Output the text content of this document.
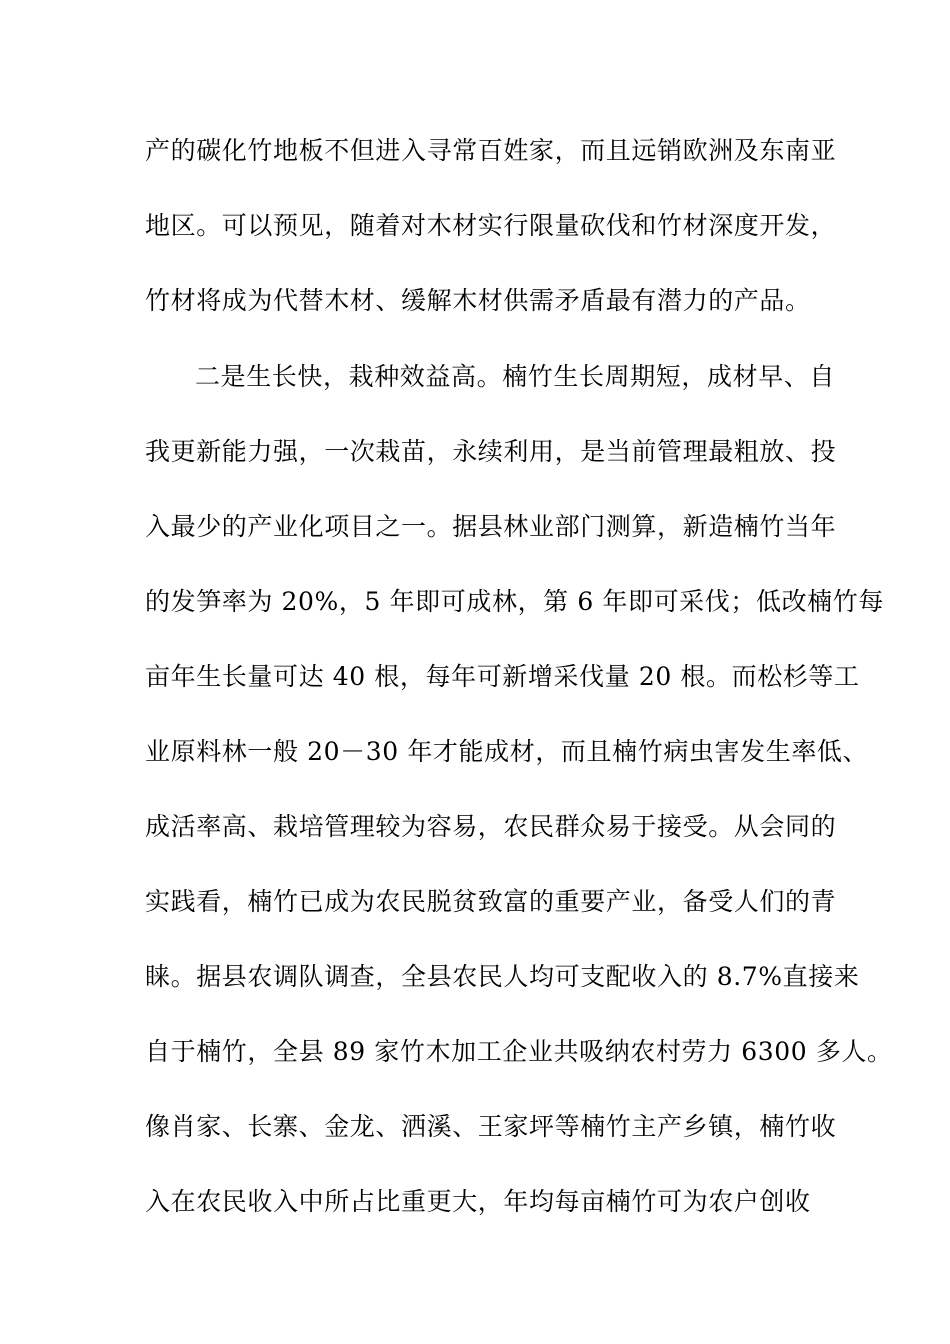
产的碳化竹地板不但进入寻常百姓家，而且远销欧洲及东南亚
地区。可以预见，随着对木材实行限量砍伐和竹材深度开发，
竹材将成为代替木材、缓解木材供需矛盾最有潜力的产品。
二是生长快，栽种效益高。楠竹生长周期短，成材早、自
我更新能力强，一次栽苗，永续利用，是当前管理最粗放、投
入最少的产业化项目之一。据县林业部门测算，新造楠竹当年
的发笋率为 20%，5 年即可成林，第 6 年即可采伐；低改楠竹每
亩年生长量可达 40 根，每年可新增采伐量 20 根。而松杉等工
业原料林一般 20－30 年才能成材，而且楠竹病虫害发生率低、
成活率高、栽培管理较为容易，农民群众易于接受。从会同的
实践看，楠竹已成为农民脱贫致富的重要产业，备受人们的青
睐。据县农调队调查，全县农民人均可支配收入的 8.7%直接来
自于楠竹，全县 89 家竹木加工企业共吸纳农村劳力 6300 多人。
像肖家、长寨、金龙、洒溪、王家坪等楠竹主产乡镇，楠竹收
入在农民收入中所占比重更大，年均每亩楠竹可为农户创收
